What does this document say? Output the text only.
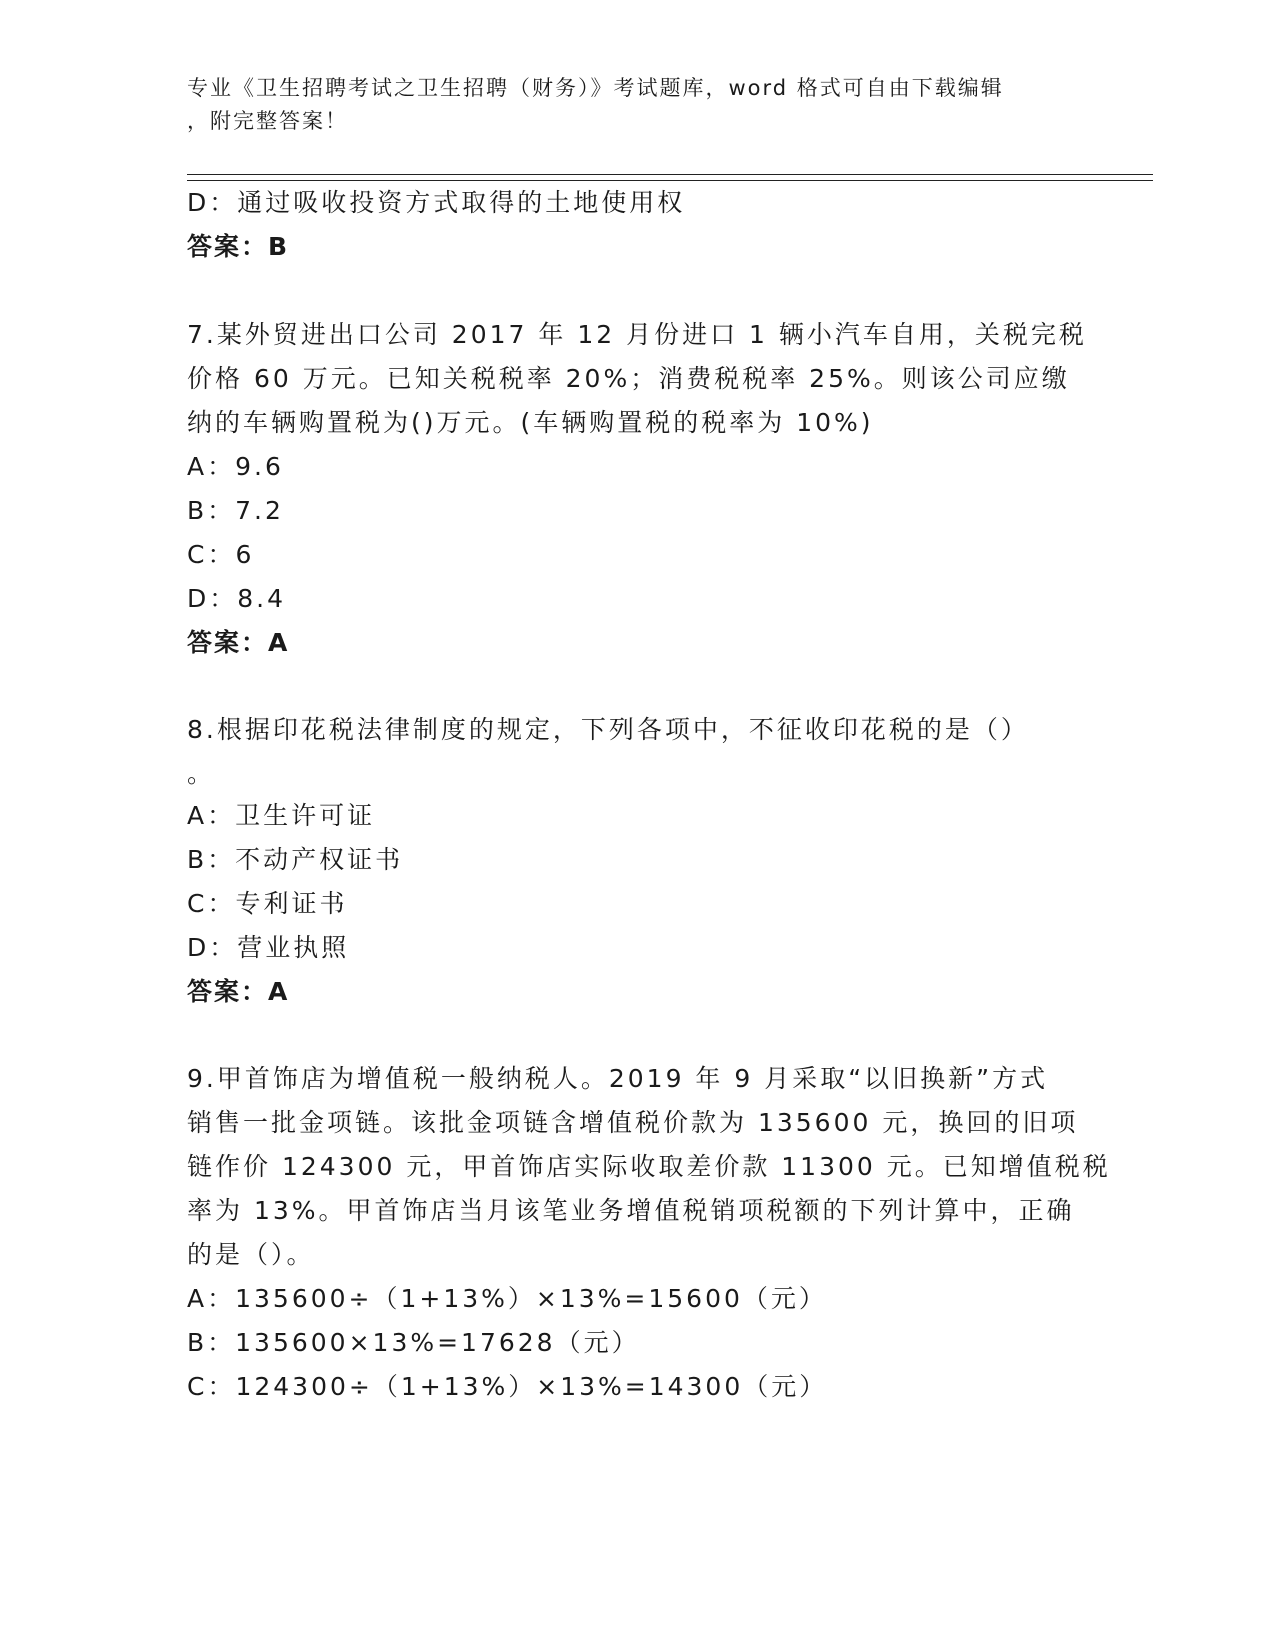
专业《卫生招聘考试之卫生招聘（财务）》考试题库，word 格式可自由下载编辑
，附完整答案！
D：通过吸收投资方式取得的土地使用权
答案：B
7.某外贸进出口公司 2017 年 12 月份进口 1 辆小汽车自用，关税完税
价格 60 万元。已知关税税率 20%；消费税税率 25%。则该公司应缴
纳的车辆购置税为()万元。(车辆购置税的税率为 10%)
A：9.6
B：7.2
C：6
D：8.4
答案：A
8.根据印花税法律制度的规定，下列各项中，不征收印花税的是（）
。
A：卫生许可证
B：不动产权证书
C：专利证书
D：营业执照
答案：A
9.甲首饰店为增值税一般纳税人。2019 年 9 月采取“以旧换新”方式
销售一批金项链。该批金项链含增值税价款为 135600 元，换回的旧项
链作价 124300 元，甲首饰店实际收取差价款 11300 元。已知增值税税
率为 13%。甲首饰店当月该笔业务增值税销项税额的下列计算中，正确
的是（）。
A：135600÷（1+13%）×13%=15600（元）
B：135600×13%=17628（元）
C：124300÷（1+13%）×13%=14300（元）
